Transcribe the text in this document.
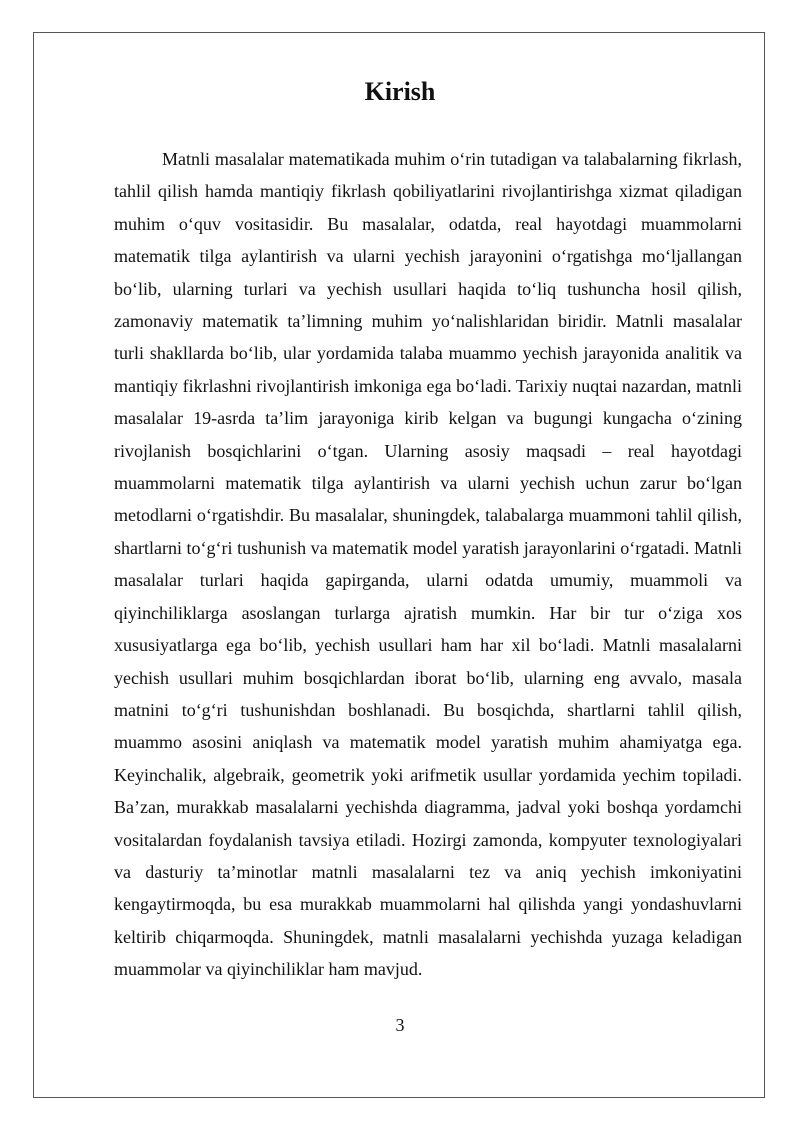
Kirish

Matnli masalalar matematikada muhim o‘rin tutadigan va talabalarning fikrlash, tahlil qilish hamda mantiqiy fikrlash qobiliyatlarini rivojlantirishga xizmat qiladigan muhim o‘quv vositasidir. Bu masalalar, odatda, real hayotdagi muammolarni matematik tilga aylantirish va ularni yechish jarayonini o‘rgatishga mo‘ljallangan bo‘lib, ularning turlari va yechish usullari haqida to‘liq tushuncha hosil qilish, zamonaviy matematik ta’limning muhim yo‘nalishlaridan biridir. Matnli masalalar turli shakllarda bo‘lib, ular yordamida talaba muammo yechish jarayonida analitik va mantiqiy fikrlashni rivojlantirish imkoniga ega bo‘ladi. Tarixiy nuqtai nazardan, matnli masalalar 19-asrda ta’lim jarayoniga kirib kelgan va bugungi kungacha o‘zining rivojlanish bosqichlarini o‘tgan. Ularning asosiy maqsadi – real hayotdagi muammolarni matematik tilga aylantirish va ularni yechish uchun zarur bo‘lgan metodlarni o‘rgatishdir. Bu masalalar, shuningdek, talabalarga muammoni tahlil qilish, shartlarni to‘g‘ri tushunish va matematik model yaratish jarayonlarini o‘rgatadi. Matnli masalalar turlari haqida gapirganda, ularni odatda umumiy, muammoli va qiyinchiliklarga asoslangan turlarga ajratish mumkin. Har bir tur o‘ziga xos xususiyatlarga ega bo‘lib, yechish usullari ham har xil bo‘ladi. Matnli masalalarni yechish usullari muhim bosqichlardan iborat bo‘lib, ularning eng avvalo, masala matnini to‘g‘ri tushunishdan boshlanadi. Bu bosqichda, shartlarni tahlil qilish, muammo asosini aniqlash va matematik model yaratish muhim ahamiyatga ega. Keyinchalik, algebraik, geometrik yoki arifmetik usullar yordamida yechim topiladi. Ba’zan, murakkab masalalarni yechishda diagramma, jadval yoki boshqa yordamchi vositalardan foydalanish tavsiya etiladi. Hozirgi zamonda, kompyuter texnologiyalari va dasturiy ta’minotlar matnli masalalarni tez va aniq yechish imkoniyatini kengaytirmoqda, bu esa murakkab muammolarni hal qilishda yangi yondashuvlarni keltirib chiqarmoqda. Shuningdek, matnli masalalarni yechishda yuzaga keladigan muammolar va qiyinchiliklar ham mavjud.

3
